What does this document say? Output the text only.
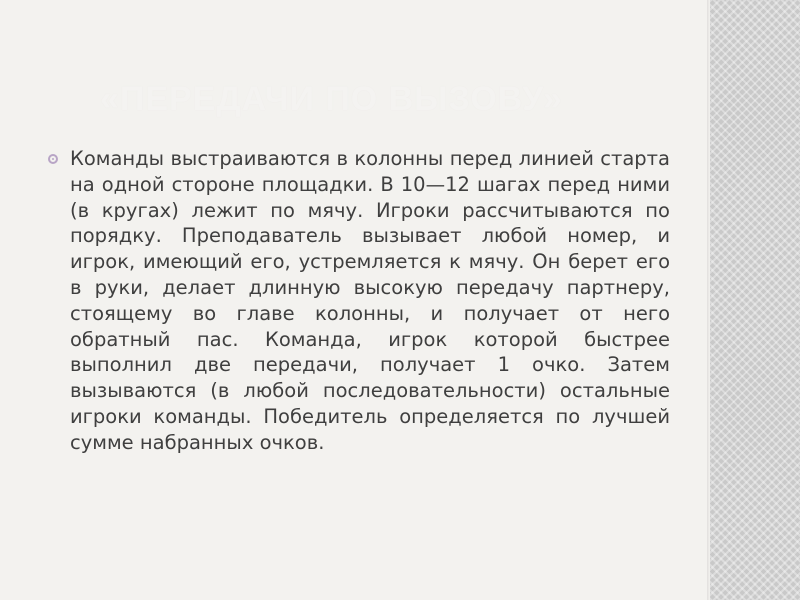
«ПЕРЕДАЧИ ПО ВЫЗОВУ»

Команды выстраиваются в колонны перед линией старта на одной стороне площадки. В 10—12 шагах перед ними (в кругах) лежит по мячу. Игроки рассчитываются по порядку. Преподаватель вызывает любой номер, и игрок, имеющий его, устремляется к мячу. Он берет его в руки, делает длинную высокую передачу партнеру, стоящему во главе колонны, и получает от него обратный пас. Команда, игрок которой быстрее выполнил две передачи, получает 1 очко. Затем вызываются (в любой последовательности) остальные игроки команды. Победитель определяется по лучшей сумме набранных очков.
